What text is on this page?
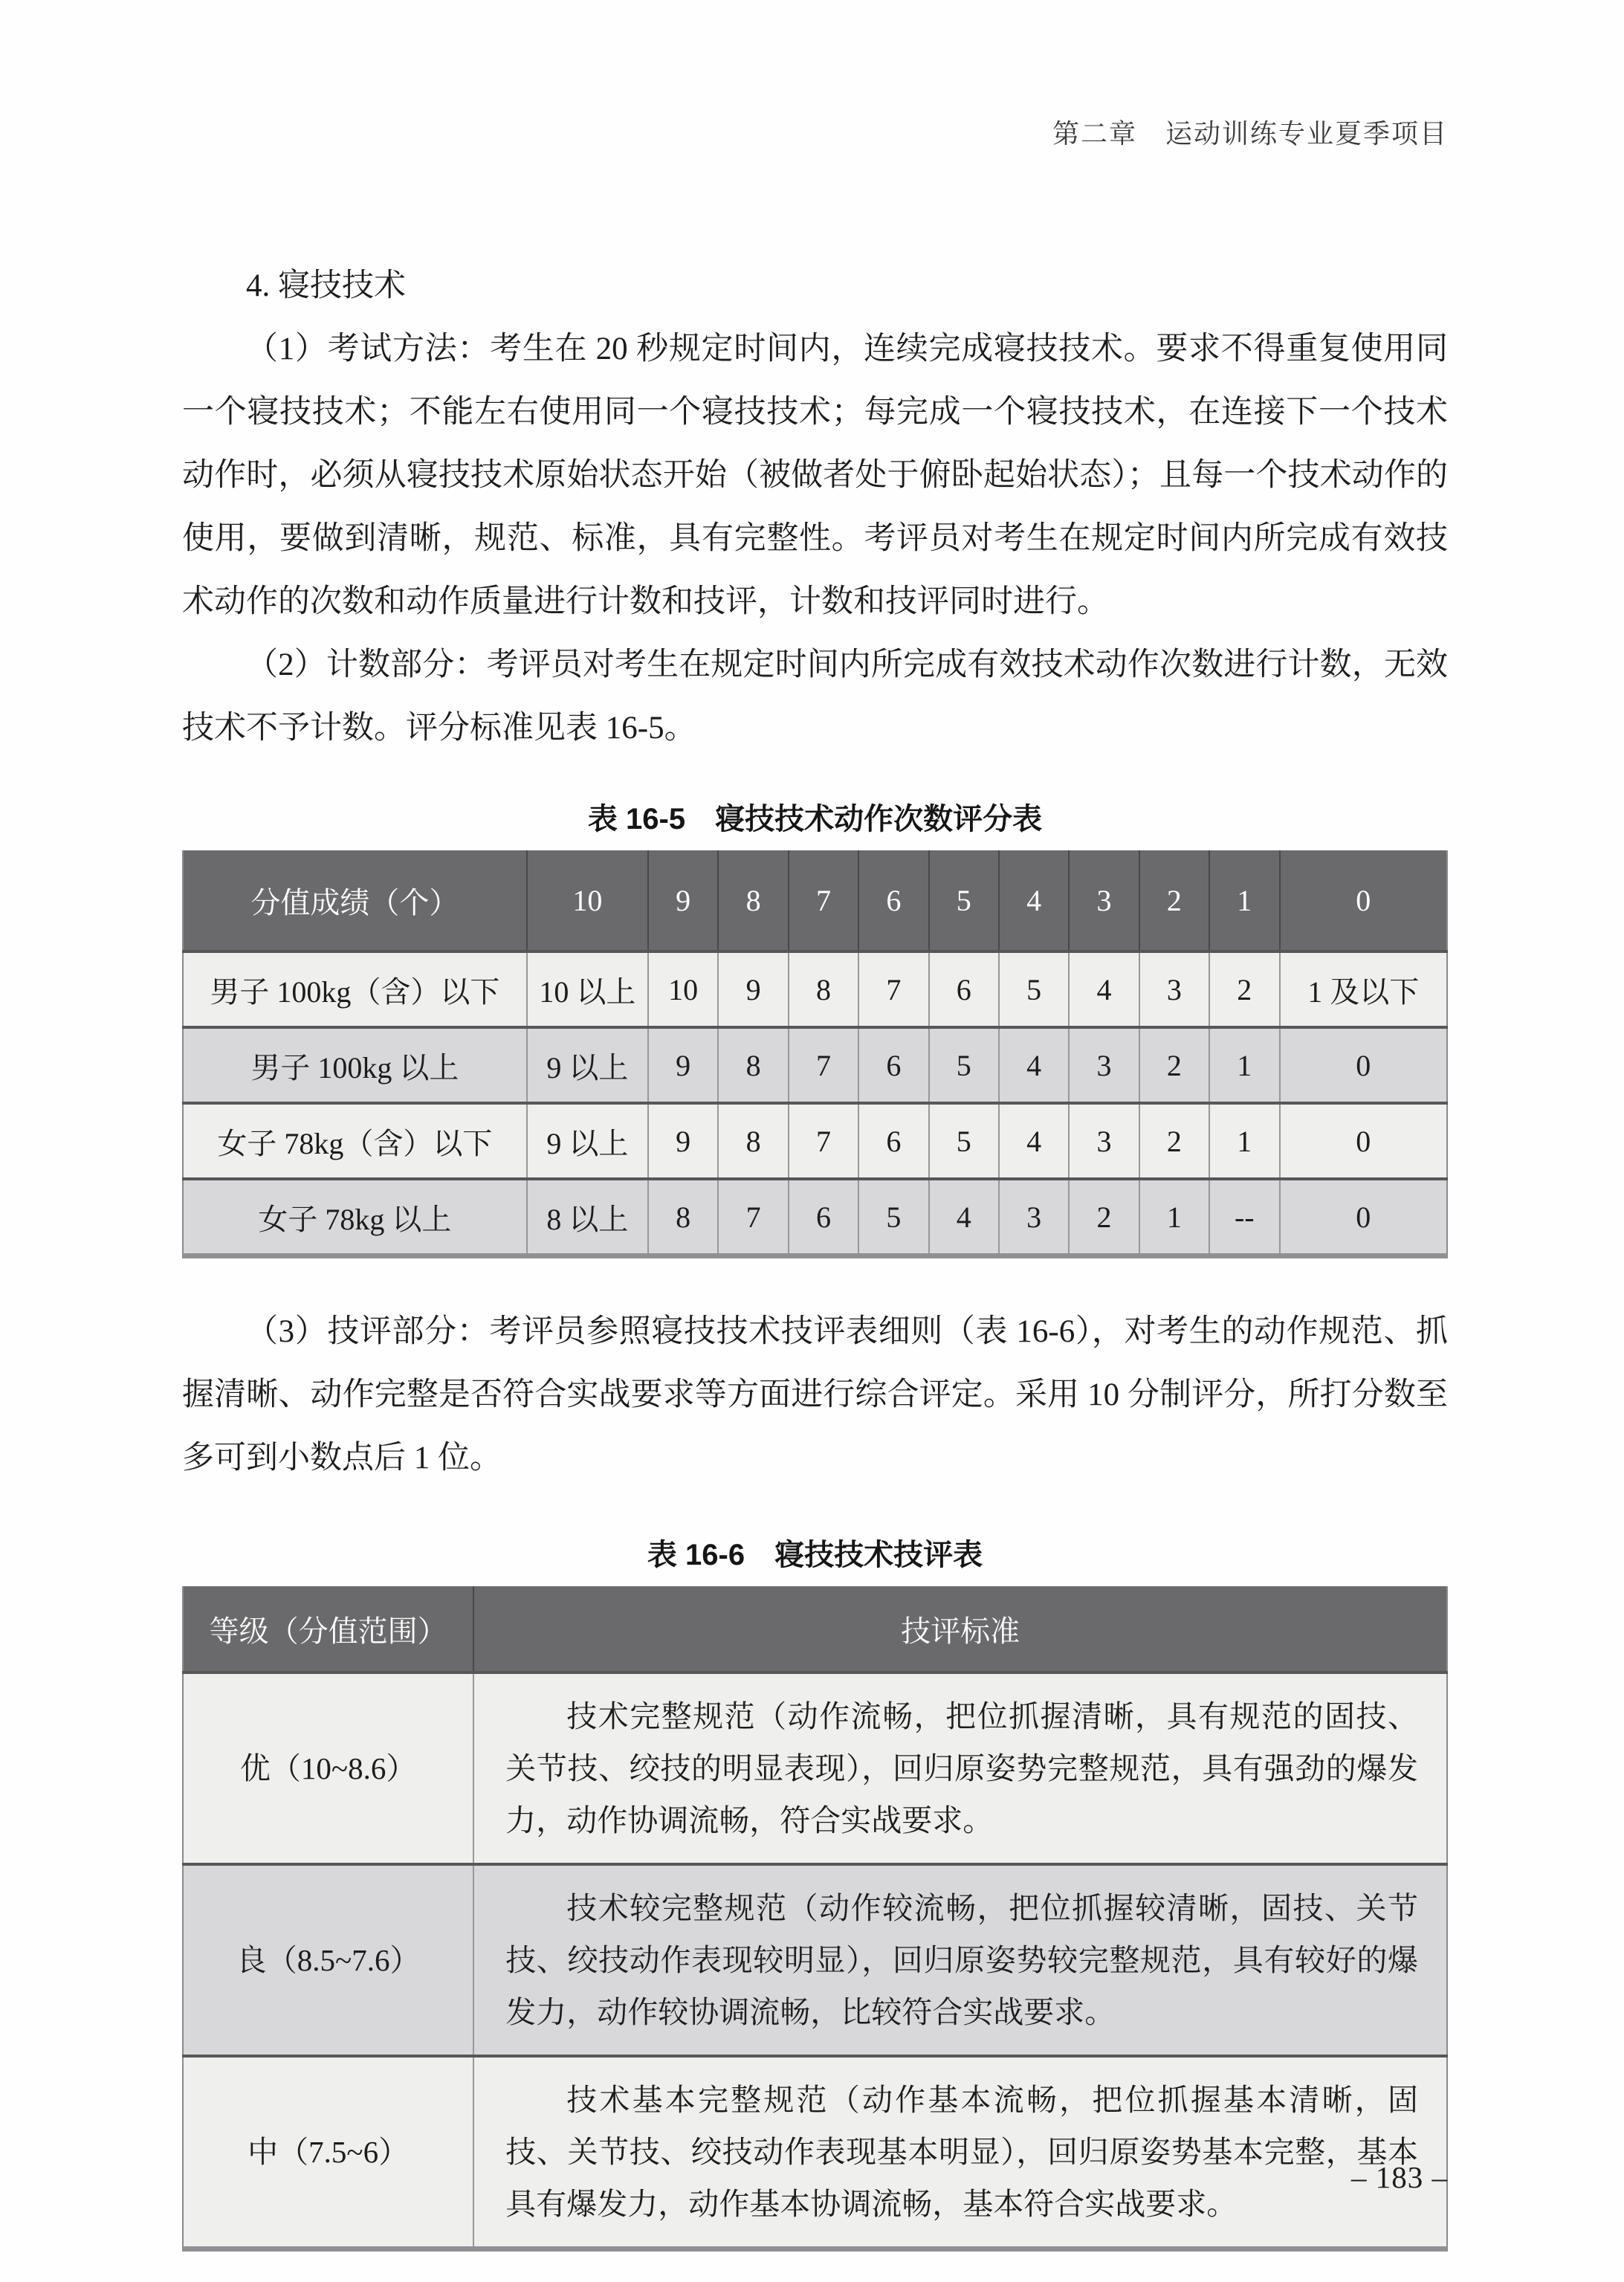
第二章　运动训练专业夏季项目
4. 寝技技术

（1）考试方法：考生在 20 秒规定时间内，连续完成寝技技术。要求不得重复使用同一个寝技技术；不能左右使用同一个寝技技术；每完成一个寝技技术，在连接下一个技术动作时，必须从寝技技术原始状态开始（被做者处于俯卧起始状态）；且每一个技术动作的使用，要做到清晰，规范、标准，具有完整性。考评员对考生在规定时间内所完成有效技术动作的次数和动作质量进行计数和技评，计数和技评同时进行。

（2）计数部分：考评员对考生在规定时间内所完成有效技术动作次数进行计数，无效技术不予计数。评分标准见表 16-5。

表 16-5　寝技技术动作次数评分表
分值成绩（个）	10	9	8	7	6	5	4	3	2	1	0
男子 100kg（含）以下	10 以上	10	9	8	7	6	5	4	3	2	1 及以下
男子 100kg 以上	9 以上	9	8	7	6	5	4	3	2	1	0
女子 78kg（含）以下	9 以上	9	8	7	6	5	4	3	2	1	0
女子 78kg 以上	8 以上	8	7	6	5	4	3	2	1	--	0

（3）技评部分：考评员参照寝技技术技评表细则（表 16-6），对考生的动作规范、抓握清晰、动作完整是否符合实战要求等方面进行综合评定。采用 10 分制评分，所打分数至多可到小数点后 1 位。

表 16-6　寝技技术技评表
等级（分值范围）	技评标准
优（10~8.6）	技术完整规范（动作流畅，把位抓握清晰，具有规范的固技、关节技、绞技的明显表现），回归原姿势完整规范，具有强劲的爆发力，动作协调流畅，符合实战要求。
良（8.5~7.6）	技术较完整规范（动作较流畅，把位抓握较清晰，固技、关节技、绞技动作表现较明显），回归原姿势较完整规范，具有较好的爆发力，动作较协调流畅，比较符合实战要求。
中（7.5~6）	技术基本完整规范（动作基本流畅，把位抓握基本清晰，固技、关节技、绞技动作表现基本明显），回归原姿势基本完整，基本具有爆发力，动作基本协调流畅，基本符合实战要求。
– 183 –
